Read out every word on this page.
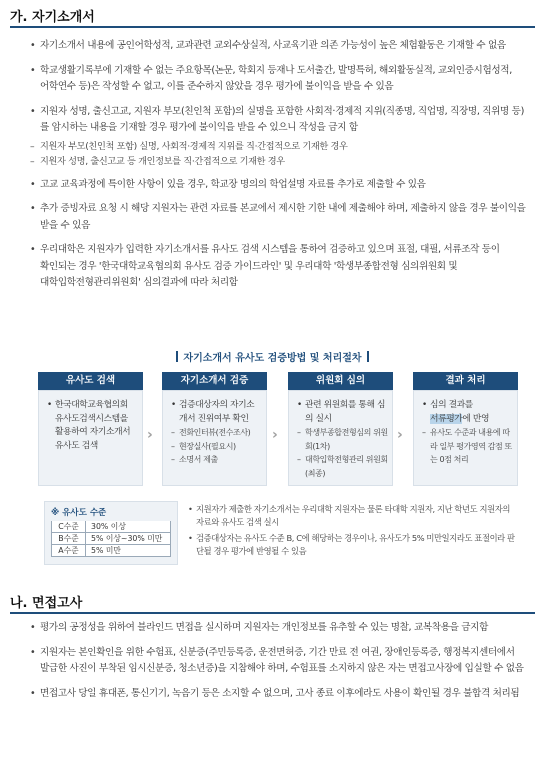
가. 자기소개서
• 자기소개서 내용에 공인어학성적, 교과관련 교외수상실적, 사교육기관 의존 가능성이 높은 체험활동은 기재할 수 없음
• 학교생활기록부에 기재할 수 없는 주요항목(논문, 학회지 등재나 도서출간, 발명특허, 해외활동실적, 교외인증시험성적, 어학연수 등)은 작성할 수 없고, 이를 준수하지 않았을 경우 평가에 불이익을 받을 수 있음
• 지원자 성명, 출신고교, 지원자 부모(친인척 포함)의 실명을 포함한 사회적·경제적 지위(직종명, 직업명, 직장명, 직위명 등)를 암시하는 내용을 기재할 경우 평가에 불이익을 받을 수 있으니 작성을 금지 함
– 지원자 부모(친인척 포함) 실명, 사회적·경제적 지위를 직·간접적으로 기재한 경우
– 지원자 성명, 출신고교 등 개인정보를 직·간접적으로 기재한 경우
• 고교 교육과정에 특이한 사항이 있을 경우, 학교장 명의의 학업설명 자료를 추가로 제출할 수 있음
• 추가 증빙자료 요청 시 해당 지원자는 관련 자료를 본교에서 제시한 기한 내에 제출해야 하며, 제출하지 않을 경우 불이익을 받을 수 있음
• 우리대학은 지원자가 입력한 자기소개서를 유사도 검색 시스템을 통하여 검증하고 있으며 표절, 대필, 서류조작 등이 확인되는 경우 '한국대학교육협의회 유사도 검증 가이드라인' 및 우리대학 '학생부종합전형 심의위원회 및 대학입학전형관리위원회' 심의결과에 따라 처리함
자기소개서 유사도 검증방법 및 처리절차
유사도 검색
• 한국대학교육협의회 유사도검색시스템을 활용하여 자기소개서 유사도 검색
›
자기소개서 검증
• 검증대상자의 자기소개서 진위여부 확인
– 전화인터뷰(전수조사)
– 현장실사(필요시)
– 소명서 제출
›
위원회 심의
• 관련 위원회를 통해 심의 실시
– 학생부종합전형심의 위원회(1차)
– 대학입학전형관리 위원회(최종)
›
결과 처리
• 심의 결과를
서류평가에 반영
– 유사도 수준과 내용에 따라 일부 평가영역 감점 또는 0점 처리
※ 유사도 수준
C수준	30% 이상
B수준	5% 이상~30% 미만
A수준	5% 미만
• 지원자가 제출한 자기소개서는 우리대학 지원자는 물론 타대학 지원자, 지난 학년도 지원자의 자료와 유사도 검색 실시
• 검증대상자는 유사도 수준 B, C에 해당하는 경우이나, 유사도가 5% 미만일지라도 표절이라 판단될 경우 평가에 반영될 수 있음
나. 면접고사
• 평가의 공정성을 위하여 블라인드 면접을 실시하며 지원자는 개인정보를 유추할 수 있는 명찰, 교복착용을 금지함
• 지원자는 본인확인을 위한 수험표, 신분증(주민등록증, 운전면허증, 기간 만료 전 여권, 장애인등록증, 행정복지센터에서 발급한 사진이 부착된 임시신분증, 청소년증)을 지참해야 하며, 수험표를 소지하지 않은 자는 면접고사장에 입실할 수 없음
• 면접고사 당일 휴대폰, 통신기기, 녹음기 등은 소지할 수 없으며, 고사 종료 이후에라도 사용이 확인될 경우 불합격 처리됨
